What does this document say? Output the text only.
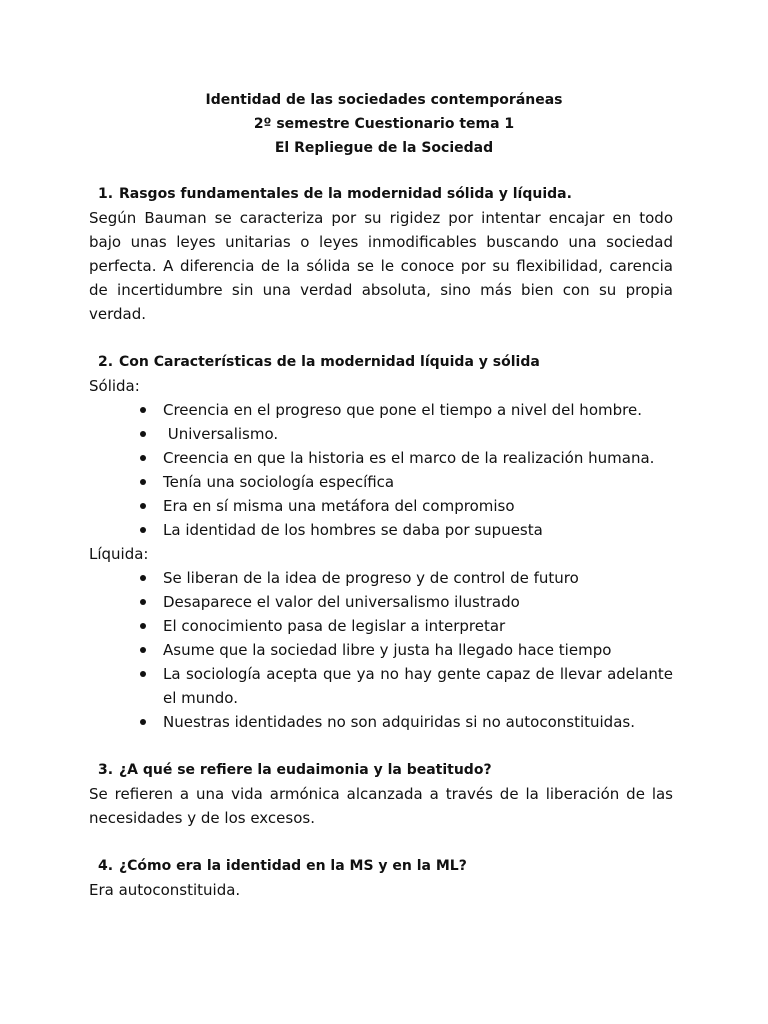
Identidad de las sociedades contemporáneas
2º semestre Cuestionario tema 1
El Repliegue de la Sociedad
1. Rasgos fundamentales de la modernidad sólida y líquida.

Según Bauman se caracteriza por su rigidez por intentar encajar en todo bajo unas leyes unitarias o leyes inmodificables buscando una sociedad perfecta. A diferencia de la sólida se le conoce por su flexibilidad, carencia de incertidumbre sin una verdad absoluta, sino más bien con su propia verdad.

2. Con Características de la modernidad líquida y sólida
Sólida:
Creencia en el progreso que pone el tiempo a nivel del hombre.
Universalismo.
Creencia en que la historia es el marco de la realización humana.
Tenía una sociología específica
Era en sí misma una metáfora del compromiso
La identidad de los hombres se daba por supuesta
Líquida:
Se liberan de la idea de progreso y de control de futuro
Desaparece el valor del universalismo ilustrado
El conocimiento pasa de legislar a interpretar
Asume que la sociedad libre y justa ha llegado hace tiempo
La sociología acepta que ya no hay gente capaz de llevar adelante el mundo.
Nuestras identidades no son adquiridas si no autoconstituidas.
3. ¿A qué se refiere la eudaimonia y la beatitudo?

Se refieren a una vida armónica alcanzada a través de la liberación de las necesidades y de los excesos.

4. ¿Cómo era la identidad en la MS y en la ML?

Era autoconstituida.
